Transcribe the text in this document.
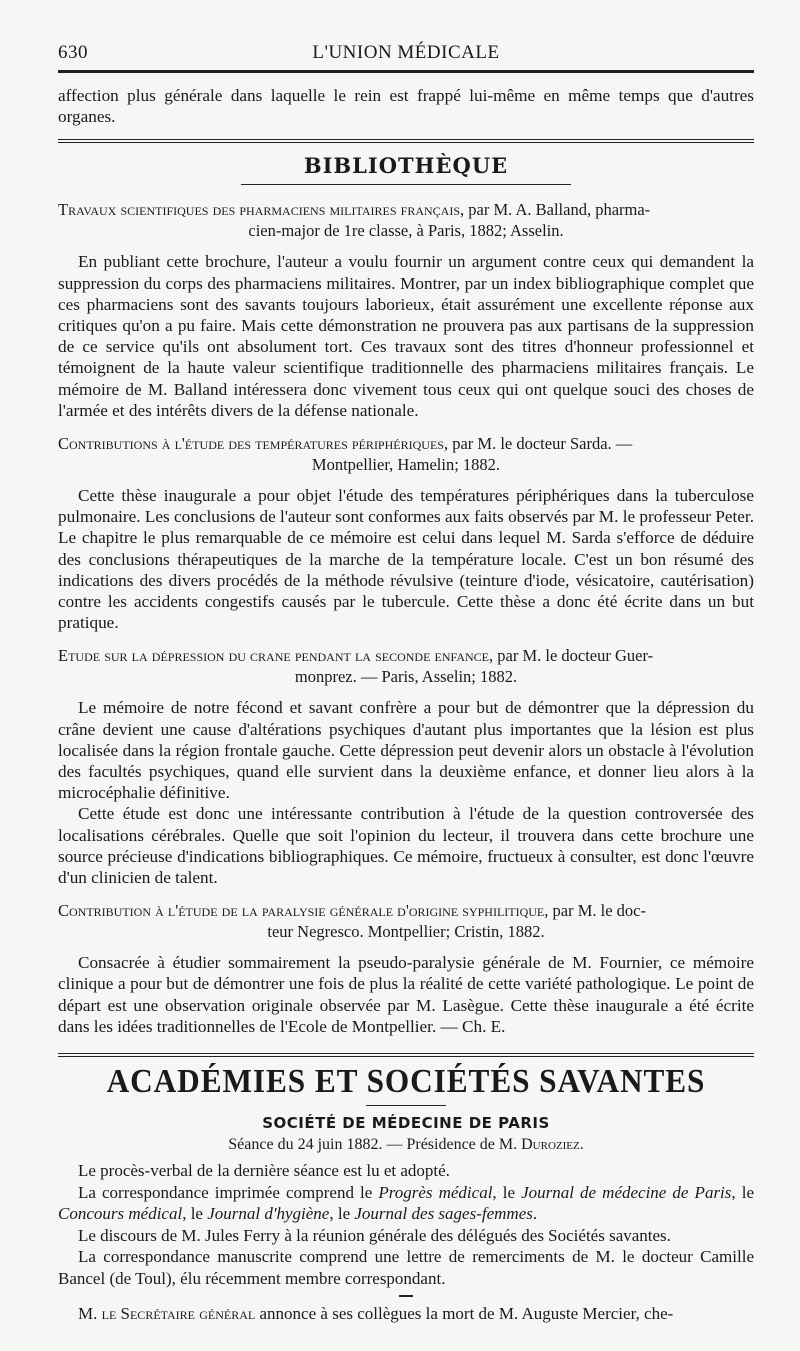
630	L'UNION MÉDICALE

affection plus générale dans laquelle le rein est frappé lui-même en même temps que d'autres organes.

BIBLIOTHÈQUE

Travaux scientifiques des pharmaciens militaires français, par M. A. Balland, pharma-

cien-major de 1re classe, à Paris, 1882; Asselin.

En publiant cette brochure, l'auteur a voulu fournir un argument contre ceux qui demandent la suppression du corps des pharmaciens militaires. Montrer, par un index bibliographique complet que ces pharmaciens sont des savants toujours laborieux, était assurément une excellente réponse aux critiques qu'on a pu faire. Mais cette démonstration ne prouvera pas aux partisans de la suppression de ce service qu'ils ont absolument tort. Ces travaux sont des titres d'honneur professionnel et témoignent de la haute valeur scientifique traditionnelle des pharmaciens militaires français. Le mémoire de M. Balland intéressera donc vivement tous ceux qui ont quelque souci des choses de l'armée et des intérêts divers de la défense nationale.

Contributions à l'étude des températures périphériques, par M. le docteur Sarda. —

Montpellier, Hamelin; 1882.

Cette thèse inaugurale a pour objet l'étude des températures périphériques dans la tuberculose pulmonaire. Les conclusions de l'auteur sont conformes aux faits observés par M. le professeur Peter. Le chapitre le plus remarquable de ce mémoire est celui dans lequel M. Sarda s'efforce de déduire des conclusions thérapeutiques de la marche de la température locale. C'est un bon résumé des indications des divers procédés de la méthode révulsive (teinture d'iode, vésicatoire, cautérisation) contre les accidents congestifs causés par le tubercule. Cette thèse a donc été écrite dans un but pratique.

Etude sur la dépression du crane pendant la seconde enfance, par M. le docteur Guer-

monprez. — Paris, Asselin; 1882.

Le mémoire de notre fécond et savant confrère a pour but de démontrer que la dépression du crâne devient une cause d'altérations psychiques d'autant plus importantes que la lésion est plus localisée dans la région frontale gauche. Cette dépression peut devenir alors un obstacle à l'évolution des facultés psychiques, quand elle survient dans la deuxième enfance, et donner lieu alors à la microcéphalie définitive.

Cette étude est donc une intéressante contribution à l'étude de la question controversée des localisations cérébrales. Quelle que soit l'opinion du lecteur, il trouvera dans cette brochure une source précieuse d'indications bibliographiques. Ce mémoire, fructueux à consulter, est donc l'œuvre d'un clinicien de talent.

Contribution à l'étude de la paralysie générale d'origine syphilitique, par M. le doc-

teur Negresco. Montpellier; Cristin, 1882.

Consacrée à étudier sommairement la pseudo-paralysie générale de M. Fournier, ce mémoire clinique a pour but de démontrer une fois de plus la réalité de cette variété pathologique. Le point de départ est une observation originale observée par M. Lasègue. Cette thèse inaugurale a été écrite dans les idées traditionnelles de l'Ecole de Montpellier. — Ch. E.

ACADÉMIES ET SOCIÉTÉS SAVANTES
SOCIÉTÉ DE MÉDECINE DE PARIS
Séance du 24 juin 1882. — Présidence de M. Duroziez.

Le procès-verbal de la dernière séance est lu et adopté.

La correspondance imprimée comprend le Progrès médical, le Journal de médecine de Paris, le Concours médical, le Journal d'hygiène, le Journal des sages-femmes.

Le discours de M. Jules Ferry à la réunion générale des délégués des Sociétés savantes.

La correspondance manuscrite comprend une lettre de remerciments de M. le docteur Camille Bancel (de Toul), élu récemment membre correspondant.

M. le Secrétaire général annonce à ses collègues la mort de M. Auguste Mercier, che-
